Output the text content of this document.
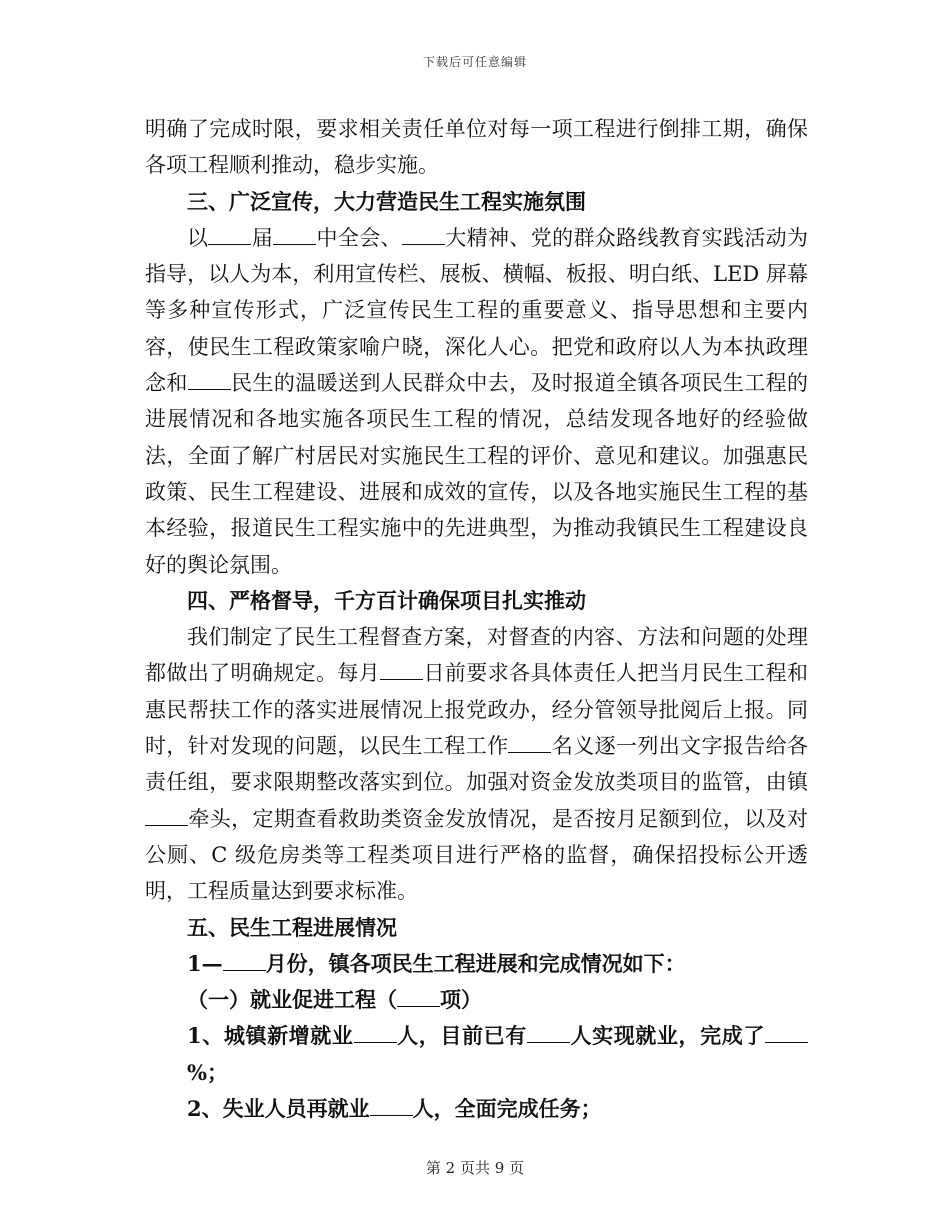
下载后可任意编辑

明确了完成时限，要求相关责任单位对每一项工程进行倒排工期，确保各项工程顺利推动，稳步实施。

三、广泛宣传，大力营造民生工程实施氛围

以 届 中全会、 大精神、党的群众路线教育实践活动为指导，以人为本，利用宣传栏、展板、横幅、板报、明白纸、LED 屏幕等多种宣传形式，广泛宣传民生工程的重要意义、指导思想和主要内容，使民生工程政策家喻户晓，深化人心。把党和政府以人为本执政理念和 民生的温暖送到人民群众中去，及时报道全镇各项民生工程的进展情况和各地实施各项民生工程的情况，总结发现各地好的经验做法，全面了解广村居民对实施民生工程的评价、意见和建议。加强惠民政策、民生工程建设、进展和成效的宣传，以及各地实施民生工程的基本经验，报道民生工程实施中的先进典型，为推动我镇民生工程建设良好的舆论氛围。

四、严格督导，千方百计确保项目扎实推动

我们制定了民生工程督查方案，对督查的内容、方法和问题的处理都做出了明确规定。每月 日前要求各具体责任人把当月民生工程和惠民帮扶工作的落实进展情况上报党政办，经分管领导批阅后上报。同时，针对发现的问题，以民生工程工作 名义逐一列出文字报告给各责任组，要求限期整改落实到位。加强对资金发放类项目的监管，由镇牵头，定期查看救助类资金发放情况，是否按月足额到位，以及对公厕、C 级危房类等工程类项目进行严格的监督，确保招投标公开透明，工程质量达到要求标准。

五、民生工程进展情况

1— 月份，镇各项民生工程进展和完成情况如下：

（一）就业促进工程（ 项）

1、城镇新增就业 人，目前已有 人实现就业，完成了%；

2、失业人员再就业 人，全面完成任务；

第 2 页共 9 页
